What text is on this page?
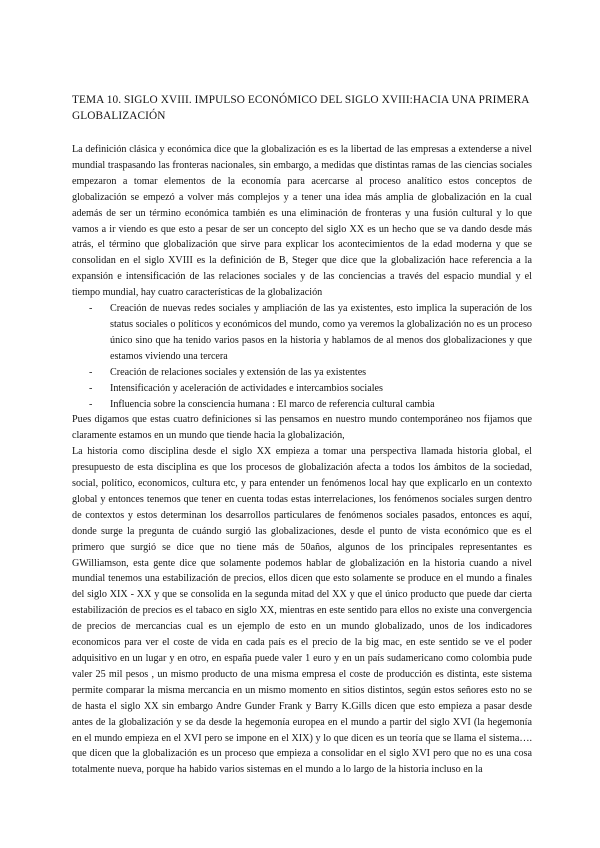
TEMA 10. SIGLO XVIII. IMPULSO ECONÓMICO DEL SIGLO XVIII:HACIA UNA PRIMERA GLOBALIZACIÓN

La definición clásica y económica dice que la globalización es es la libertad de las empresas a extenderse a nivel mundial traspasando las fronteras nacionales, sin embargo, a medidas que distintas ramas de las ciencias sociales empezaron a tomar elementos de la economía para acercarse al proceso analítico estos conceptos de globalización se empezó a volver más complejos y a tener una idea más amplia de globalización en la cual además de ser un término económica también es una eliminación de fronteras y una fusión cultural y lo que vamos a ir viendo es que esto a pesar de ser un concepto del siglo XX es un hecho que se va dando desde más atrás, el término que globalización que sirve para explicar los acontecimientos de la edad moderna y que se consolidan en el siglo XVIII es la definición de B, Steger que dice que la globalización hace referencia a la expansión e intensificación de las relaciones sociales y de las conciencias a través del espacio mundial y el tiempo mundial, hay cuatro características de la globalización

- Creación de nuevas redes sociales y ampliación de las ya existentes, esto implica la superación de los status sociales o políticos y económicos del mundo, como ya veremos la globalización no es un proceso único sino que ha tenido varios pasos en la historia y hablamos de al menos dos globalizaciones y que estamos viviendo una tercera
- Creación de relaciones sociales y extensión de las ya existentes
- Intensificación y aceleración de actividades e intercambios sociales
- Influencia sobre la consciencia humana : El marco de referencia cultural cambia

Pues digamos que estas cuatro definiciones si las pensamos en nuestro mundo contemporáneo nos fijamos que claramente estamos en un mundo que tiende hacia la globalización,

La historia como disciplina desde el siglo XX empieza a tomar una perspectiva llamada historia global, el presupuesto de esta disciplina es que los procesos de globalización afecta a todos los ámbitos de la sociedad, social, político, economicos, cultura etc, y para entender un fenómenos local hay que explicarlo en un contexto global y entonces tenemos que tener en cuenta todas estas interrelaciones, los fenómenos sociales surgen dentro de contextos y estos determinan los desarrollos particulares de fenómenos sociales pasados, entonces es aquí, donde surge la pregunta de cuándo surgió las globalizaciones, desde el punto de vista económico que es el primero que surgió se dice que no tiene más de 50años, algunos de los principales representantes es GWilliamson, esta gente dice que solamente podemos hablar de globalización en la historia cuando a nivel mundial tenemos una estabilización de precios, ellos dicen que esto solamente se produce en el mundo a finales del siglo XIX - XX y que se consolida en la segunda mitad del XX y que el único producto que puede dar cierta estabilización de precios es el tabaco en siglo XX, mientras en este sentido para ellos no existe una convergencia de precios de mercancias cual es un ejemplo de esto en un mundo globalizado, unos de los indicadores economicos para ver el coste de vida en cada país es el precio de la big mac, en este sentido se ve el poder adquisitivo en un lugar y en otro, en españa puede valer 1 euro y en un país sudamericano como colombia pude valer 25 mil pesos , un mismo producto de una misma empresa el coste de producción es distinta, este sistema permite comparar la misma mercancia en un mismo momento en sitios distintos, según estos señores esto no se de hasta el siglo XX sin embargo Andre Gunder Frank y Barry K.Gills dicen que esto empieza a pasar desde antes de la globalización y se da desde la hegemonía europea en el mundo a partir del siglo XVI (la hegemonía en el mundo empieza en el XVI pero se impone en el XIX) y lo que dicen es un teoría que se llama el sistema…. que dicen que la globalización es un proceso que empieza a consolidar en el siglo XVI pero que no es una cosa totalmente nueva, porque ha habido varios sistemas en el mundo a lo largo de la historia incluso en la
